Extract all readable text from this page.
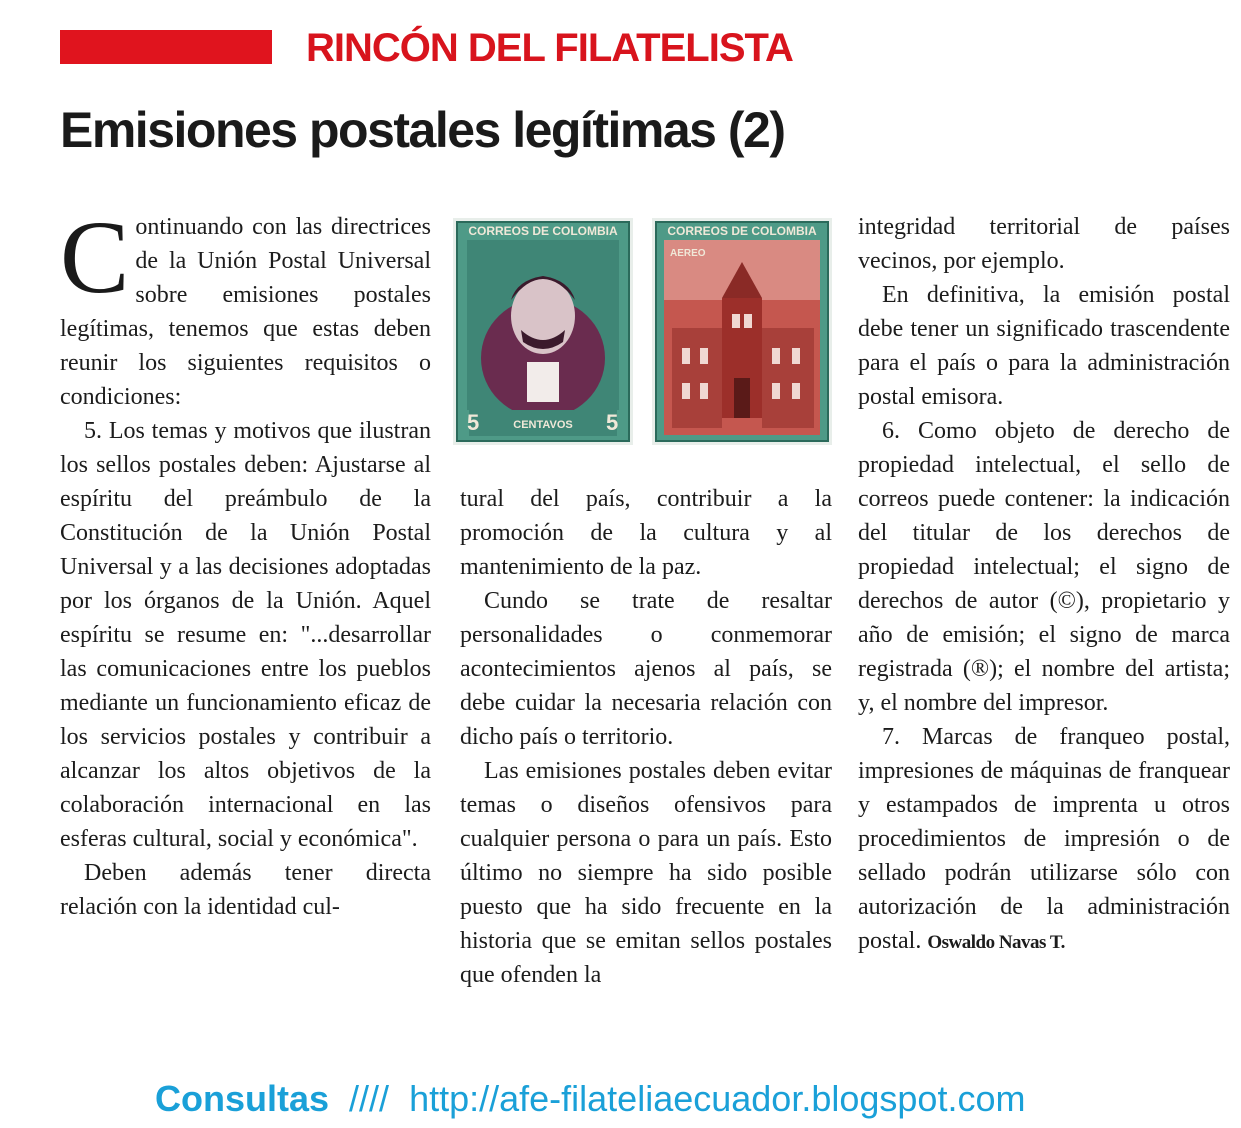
RINCÓN DEL FILATELISTA
Emisiones postales legítimas (2)

Continuando con las directrices de la Unión Postal Universal sobre emisiones postales legítimas, tenemos que estas deben reunir los siguientes requisitos o condiciones:

5. Los temas y motivos que ilustran los sellos postales deben: Ajustarse al espíritu del preámbulo de la Constitución de la Unión Postal Universal y a las decisiones adoptadas por los órganos de la Unión. Aquel espíritu se resume en: "...desarrollar las comunicaciones entre los pueblos mediante un funcionamiento eficaz de los servicios postales y contribuir a alcanzar los altos objetivos de la colaboración internacional en las esferas cultural, social y económica".

Deben además tener directa relación con la identidad cul-

tural del país, contribuir a la promoción de la cultura y al mantenimiento de la paz.

Cundo se trate de resaltar personalidades o conmemorar acontecimientos ajenos al país, se debe cuidar la necesaria relación con dicho país o territorio.

Las emisiones postales deben evitar temas o diseños ofensivos para cualquier persona o para un país. Esto último no siempre ha sido posible puesto que ha sido frecuente en la historia que se emitan sellos postales que ofenden la

integridad territorial de países vecinos, por ejemplo.

En definitiva, la emisión postal debe tener un significado trascendente para el país o para la administración postal emisora.

6. Como objeto de derecho de propiedad intelectual, el sello de correos puede contener: la indicación del titular de los derechos de propiedad intelectual; el signo de derechos de autor (©), propietario y año de emisión; el signo de marca registrada (®); el nombre del artista; y, el nombre del impresor.

7. Marcas de franqueo postal, impresiones de máquinas de franquear y estampados de imprenta u otros procedimientos de impresión o de sellado podrán utilizarse sólo con autorización de la administración postal. Oswaldo Navas T.

CORREOS DE COLOMBIA
5	5
CENTAVOS
CORREOS DE COLOMBIA
AEREO
Consultas //// http://afe-filateliaecuador.blogspot.com
